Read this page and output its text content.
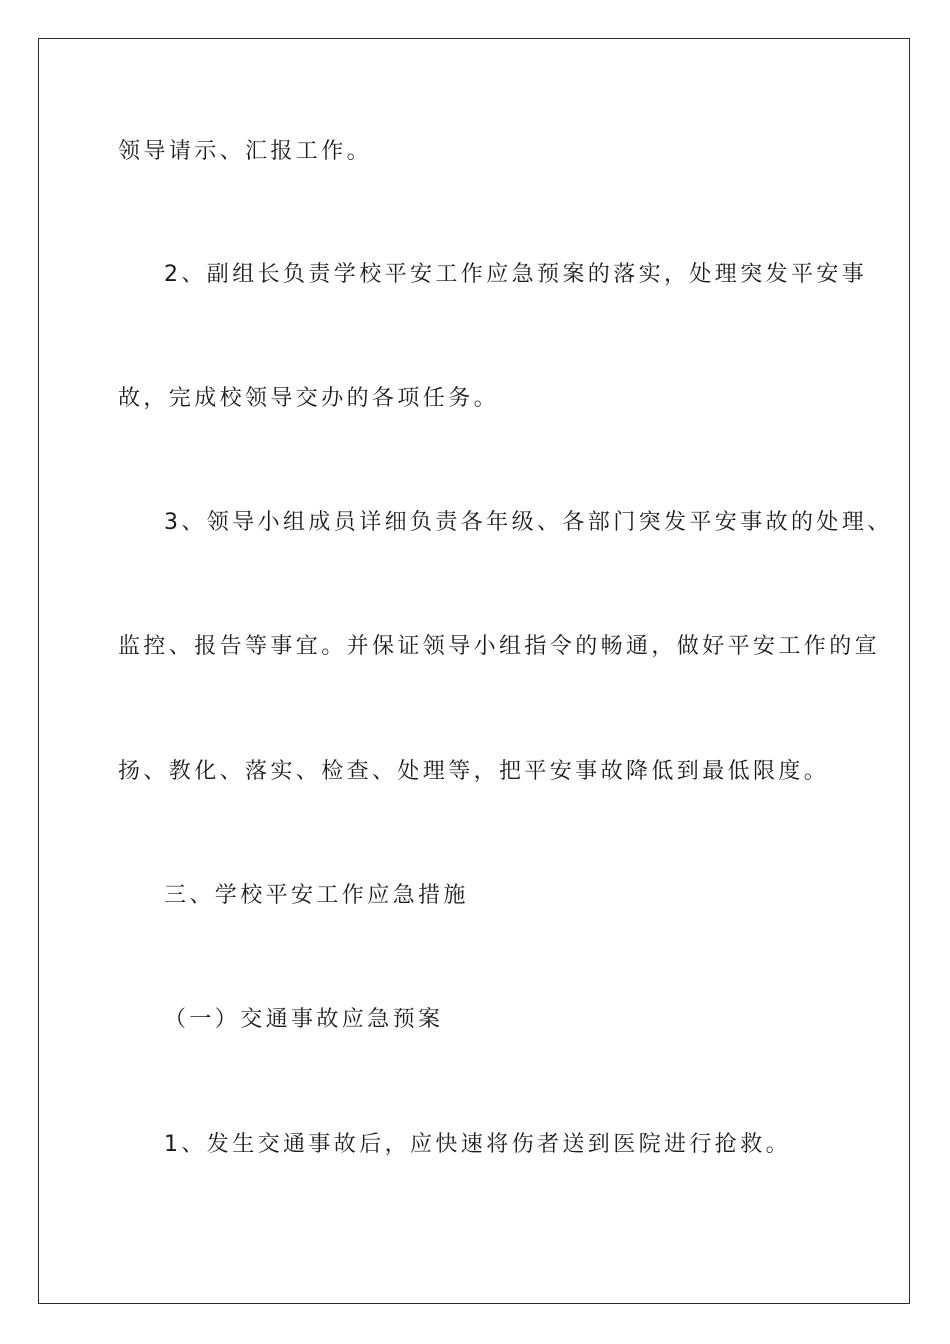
领导请示、汇报工作。
2、副组长负责学校平安工作应急预案的落实，处理突发平安事
故，完成校领导交办的各项任务。
3、领导小组成员详细负责各年级、各部门突发平安事故的处理、
监控、报告等事宜。并保证领导小组指令的畅通，做好平安工作的宣
扬、教化、落实、检查、处理等，把平安事故降低到最低限度。
三、学校平安工作应急措施
（一）交通事故应急预案
1、发生交通事故后，应快速将伤者送到医院进行抢救。
